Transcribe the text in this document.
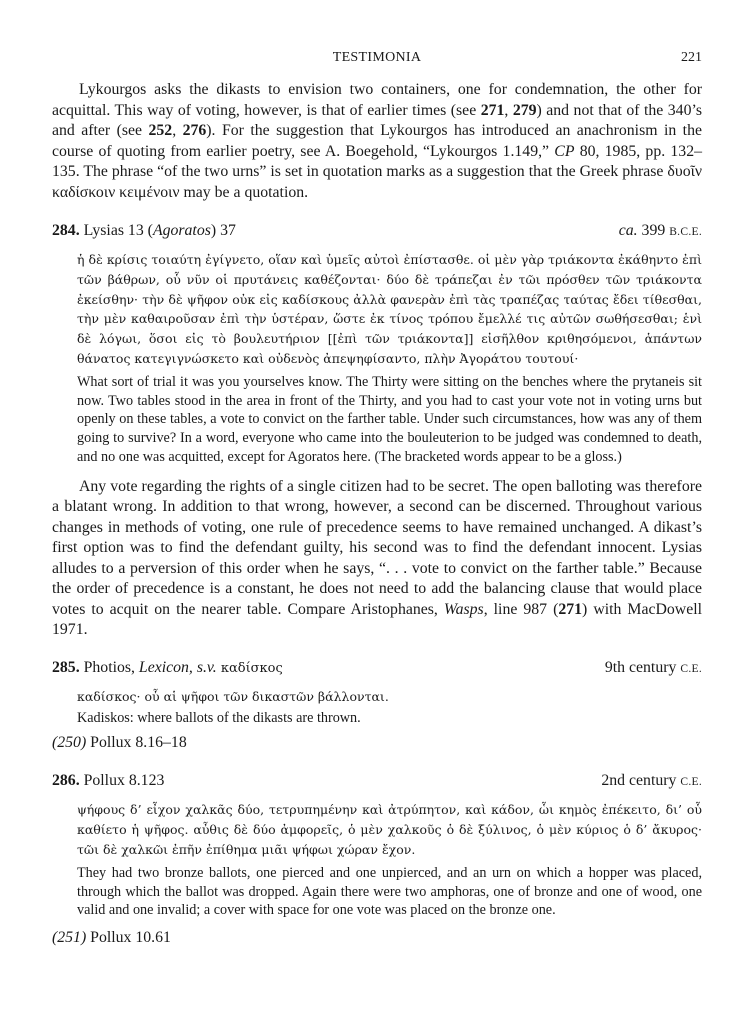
TESTIMONIA	221

Lykourgos asks the dikasts to envision two containers, one for condemnation, the other for acquittal. This way of voting, however, is that of earlier times (see 271, 279) and not that of the 340’s and after (see 252, 276). For the suggestion that Lykourgos has introduced an anachronism in the course of quoting from earlier poetry, see A. Boegehold, “Lykourgos 1.149,” CP 80, 1985, pp. 132–135. The phrase “of the two urns” is set in quotation marks as a suggestion that the Greek phrase δυοῖν καδίσκοιν κειμένοιν may be a quotation.

284. Lysias 13 (Agoratos) 37	ca. 399 B.C.E.

ἡ δὲ κρίσις τοιαύτη ἐγίγνετο, οἵαν καὶ ὑμεῖς αὐτοὶ ἐπίστασθε. οἱ μὲν γὰρ τριάκοντα ἐκάθηντο ἐπὶ τῶν βάθρων, οὗ νῦν οἱ πρυτάνεις καθέζονται· δύο δὲ τράπεζαι ἐν τῶι πρόσθεν τῶν τριάκοντα ἐκείσθην· τὴν δὲ ψῆφον οὐκ εἰς καδίσκους ἀλλὰ φανερὰν ἐπὶ τὰς τραπέζας ταύτας ἔδει τίθεσθαι, τὴν μὲν καθαιροῦσαν ἐπὶ τὴν ὑστέραν, ὥστε ἐκ τίνος τρόπου ἔμελλέ τις αὐτῶν σωθήσεσθαι; ἑνὶ δὲ λόγωι, ὅσοι εἰς τὸ βουλευτήριον [[ἐπὶ τῶν τριάκοντα]] εἰσῆλθον κριθησόμενοι, ἁπάντων θάνατος κατεγιγνώσκετο καὶ οὐδενὸς ἀπεψηφίσαντο, πλὴν Ἀγοράτου τουτουί·

What sort of trial it was you yourselves know. The Thirty were sitting on the benches where the prytaneis sit now. Two tables stood in the area in front of the Thirty, and you had to cast your vote not in voting urns but openly on these tables, a vote to convict on the farther table. Under such circumstances, how was any of them going to survive? In a word, everyone who came into the bouleuterion to be judged was condemned to death, and no one was acquitted, except for Agoratos here. (The bracketed words appear to be a gloss.)

Any vote regarding the rights of a single citizen had to be secret. The open balloting was therefore a blatant wrong. In addition to that wrong, however, a second can be discerned. Throughout various changes in methods of voting, one rule of precedence seems to have remained unchanged. A dikast’s first option was to find the defendant guilty, his second was to find the defendant innocent. Lysias alludes to a perversion of this order when he says, “. . . vote to convict on the farther table.” Because the order of precedence is a constant, he does not need to add the balancing clause that would place votes to acquit on the nearer table. Compare Aristophanes, Wasps, line 987 (271) with MacDowell 1971.

285. Photios, Lexicon, s.v. καδίσκος	9th century C.E.

καδίσκος· οὗ αἱ ψῆφοι τῶν δικαστῶν βάλλονται.

Kadiskos: where ballots of the dikasts are thrown.

(250) Pollux 8.16–18
286. Pollux 8.123	2nd century C.E.

ψήφους δ’ εἶχον χαλκᾶς δύο, τετρυπημένην καὶ ἀτρύπητον, καὶ κάδον, ὧι κημὸς ἐπέκειτο, δι’ οὗ καθίετο ἡ ψῆφος. αὖθις δὲ δύο ἀμφορεῖς, ὁ μὲν χαλκοῦς ὁ δὲ ξύλινος, ὁ μὲν κύριος ὁ δ’ ἄκυρος· τῶι δὲ χαλκῶι ἐπῆν ἐπίθημα μιᾶι ψήφωι χώραν ἔχον.

They had two bronze ballots, one pierced and one unpierced, and an urn on which a hopper was placed, through which the ballot was dropped. Again there were two amphoras, one of bronze and one of wood, one valid and one invalid; a cover with space for one vote was placed on the bronze one.

(251) Pollux 10.61
